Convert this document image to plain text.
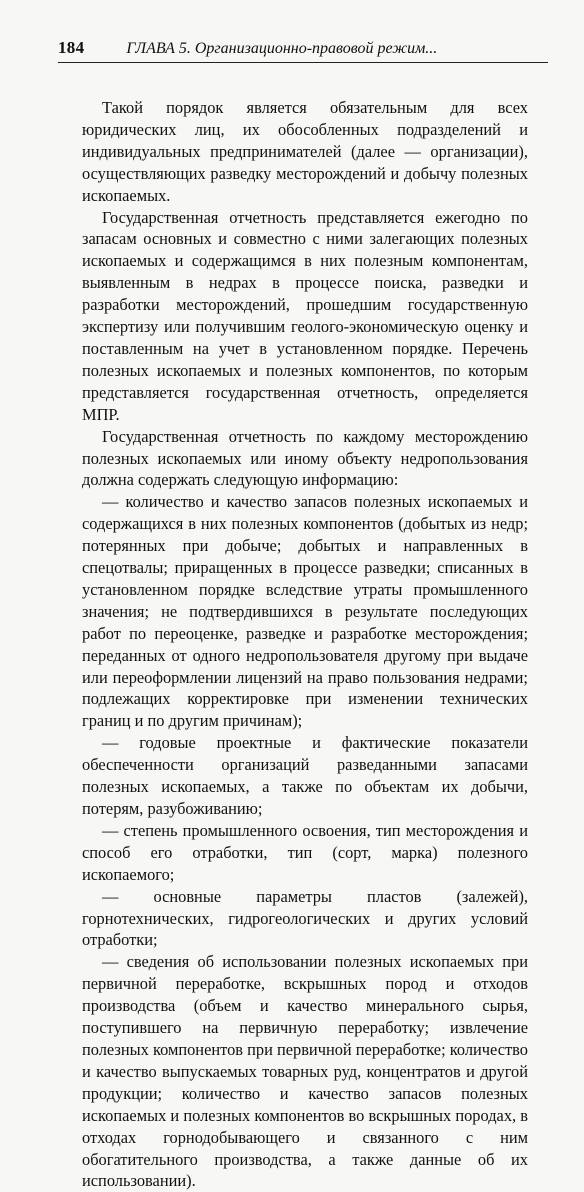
184	ГЛАВА 5. Организационно-правовой режим...

Такой порядок является обязательным для всех юридических лиц, их обособленных подразделений и индивидуальных предпринимателей (далее — организации), осуществляющих разведку месторождений и добычу полезных ископаемых.

Государственная отчетность представляется ежегодно по запасам основных и совместно с ними залегающих полезных ископаемых и содержащимся в них полезным компонентам, выявленным в недрах в процессе поиска, разведки и разработки месторождений, прошедшим государственную экспертизу или получившим геолого-экономическую оценку и поставленным на учет в установленном порядке. Перечень полезных ископаемых и полезных компонентов, по которым представляется государственная отчетность, определяется МПР.

Государственная отчетность по каждому месторождению полезных ископаемых или иному объекту недропользования должна содержать следующую информацию:

— количество и качество запасов полезных ископаемых и содержащихся в них полезных компонентов (добытых из недр; потерянных при добыче; добытых и направленных в спецотвалы; приращенных в процессе разведки; списанных в установленном порядке вследствие утраты промышленного значения; не подтвердившихся в результате последующих работ по переоценке, разведке и разработке месторождения; переданных от одного недропользователя другому при выдаче или переоформлении лицензий на право пользования недрами; подлежащих корректировке при изменении технических границ и по другим причинам);

— годовые проектные и фактические показатели обеспеченности организаций разведанными запасами полезных ископаемых, а также по объектам их добычи, потерям, разубоживанию;

— степень промышленного освоения, тип месторождения и способ его отработки, тип (сорт, марка) полезного ископаемого;

— основные параметры пластов (залежей), горнотехнических, гидрогеологических и других условий отработки;

— сведения об использовании полезных ископаемых при первичной переработке, вскрышных пород и отходов производства (объем и качество минерального сырья, поступившего на первичную переработку; извлечение полезных компонентов при первичной переработке; количество и качество выпускаемых товарных руд, концентратов и другой продукции; количество и качество запасов полезных ископаемых и полезных компонентов во вскрышных породах, в отходах горнодобывающего и связанного с ним обогатительного производства, а также данные об их использовании).
